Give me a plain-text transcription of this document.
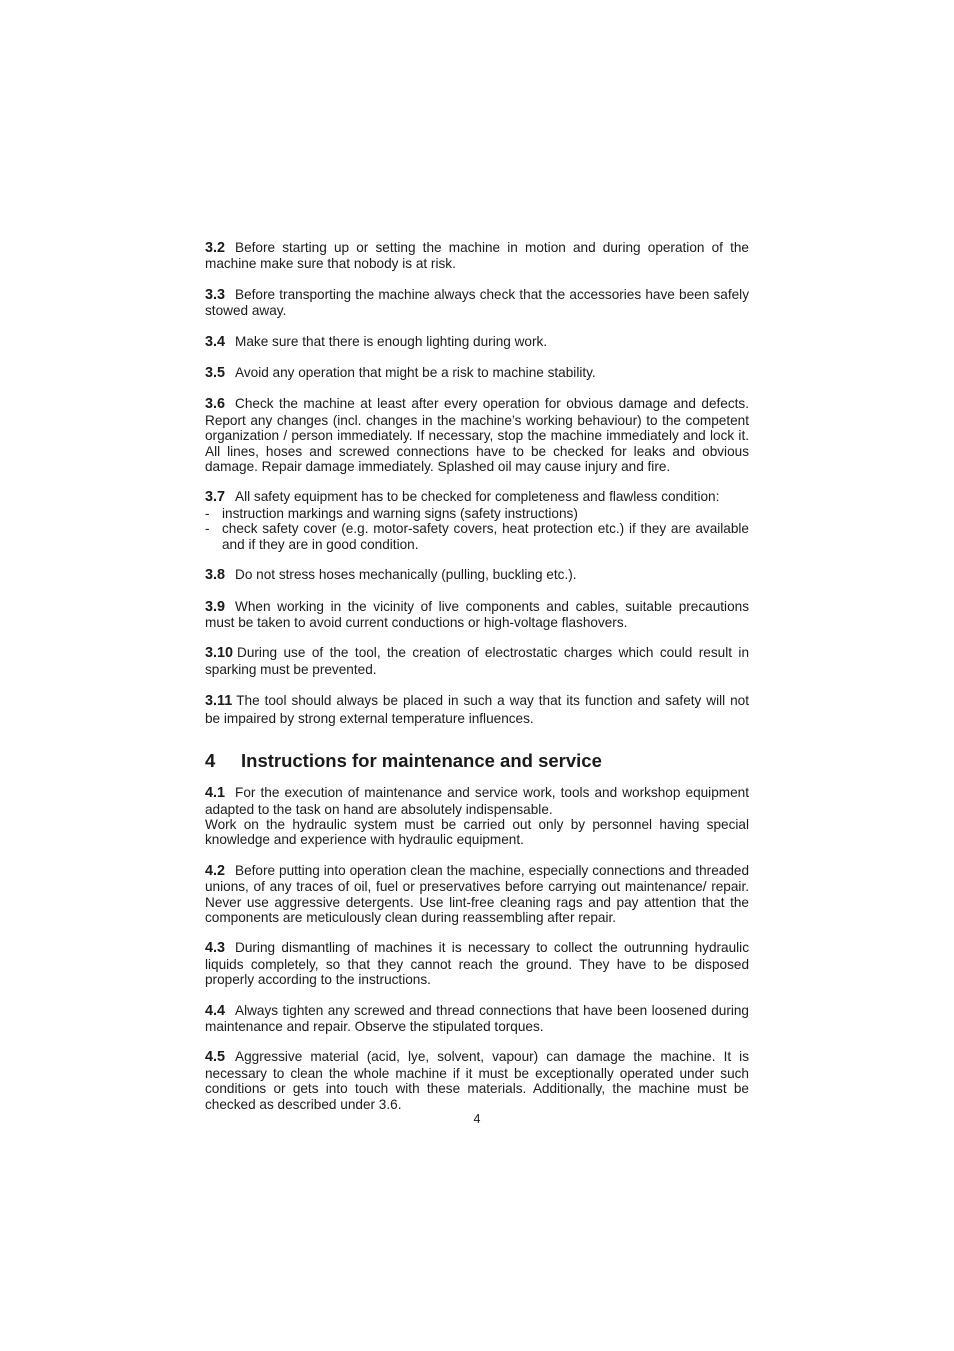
3.2 Before starting up or setting the machine in motion and during operation of the machine make sure that nobody is at risk.

3.3 Before transporting the machine always check that the accessories have been safely stowed away.

3.4 Make sure that there is enough lighting during work.

3.5 Avoid any operation that might be a risk to machine stability.

3.6 Check the machine at least after every operation for obvious damage and defects. Report any changes (incl. changes in the machine’s working behaviour) to the competent organization / person immediately. If necessary, stop the machine immediately and lock it. All lines, hoses and screwed connections have to be checked for leaks and obvious damage. Repair damage immediately. Splashed oil may cause injury and fire.

3.7 All safety equipment has to be checked for completeness and flawless condition:
- instruction markings and warning signs (safety instructions)
- check safety cover (e.g. motor-safety covers, heat protection etc.) if they are available and if they are in good condition.

3.8 Do not stress hoses mechanically (pulling, buckling etc.).

3.9 When working in the vicinity of live components and cables, suitable precautions must be taken to avoid current conductions or high-voltage flashovers.

3.10 During use of the tool, the creation of electrostatic charges which could result in sparking must be prevented.

3.11 The tool should always be placed in such a way that its function and safety will not be impaired by strong external temperature influences.

4 Instructions for maintenance and service
4.1 For the execution of maintenance and service work, tools and workshop equipment adapted to the task on hand are absolutely indispensable.
Work on the hydraulic system must be carried out only by personnel having special knowledge and experience with hydraulic equipment.

4.2 Before putting into operation clean the machine, especially connections and threaded unions, of any traces of oil, fuel or preservatives before carrying out maintenance/ repair. Never use aggressive detergents. Use lint-free cleaning rags and pay attention that the components are meticulously clean during reassembling after repair.

4.3 During dismantling of machines it is necessary to collect the outrunning hydraulic liquids completely, so that they cannot reach the ground. They have to be disposed properly according to the instructions.

4.4 Always tighten any screwed and thread connections that have been loosened during maintenance and repair. Observe the stipulated torques.

4.5 Aggressive material (acid, lye, solvent, vapour) can damage the machine. It is necessary to clean the whole machine if it must be exceptionally operated under such conditions or gets into touch with these materials. Additionally, the machine must be checked as described under 3.6.

4
